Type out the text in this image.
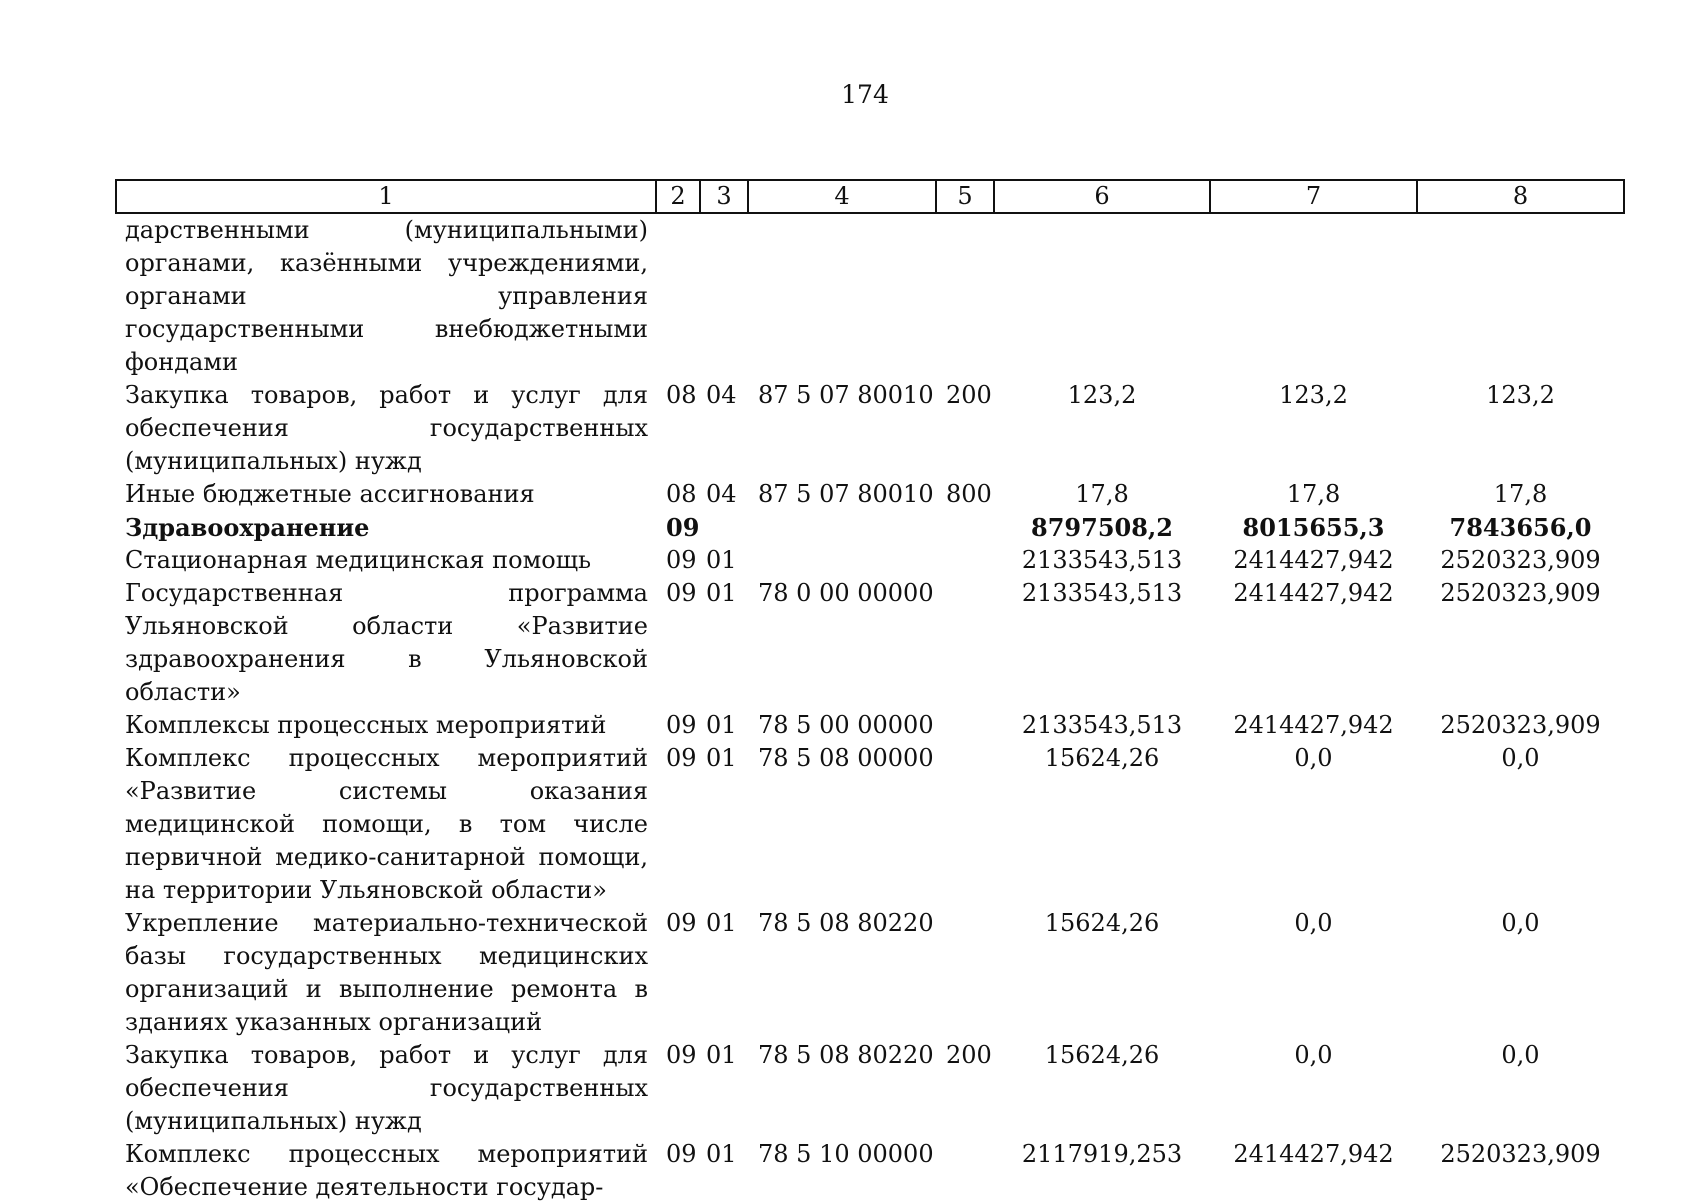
174
1	2	3	4	5	6	7	8
дарственными (муниципальными) органами, казёнными учреждениями, органами управления государственными внебюджетными фондами							
Закупка товаров, работ и услуг для обеспечения государственных (муниципальных) нужд	08	04	87 5 07 80010	200	123,2	123,2	123,2
Иные бюджетные ассигнования	08	04	87 5 07 80010	800	17,8	17,8	17,8
Здравоохранение	09				8797508,2	8015655,3	7843656,0
Стационарная медицинская помощь	09	01			2133543,513	2414427,942	2520323,909
Государственная программа Ульяновской области «Развитие здравоохранения в Ульяновской области»	09	01	78 0 00 00000		2133543,513	2414427,942	2520323,909
Комплексы процессных мероприятий	09	01	78 5 00 00000		2133543,513	2414427,942	2520323,909
Комплекс процессных мероприятий «Развитие системы оказания медицинской помощи, в том числе первичной медико-санитарной помощи, на территории Ульяновской области»	09	01	78 5 08 00000		15624,26	0,0	0,0
Укрепление материально-технической базы государственных медицинских организаций и выполнение ремонта в зданиях указанных организаций	09	01	78 5 08 80220		15624,26	0,0	0,0
Закупка товаров, работ и услуг для обеспечения государственных (муниципальных) нужд	09	01	78 5 08 80220	200	15624,26	0,0	0,0
Комплекс процессных мероприятий «Обеспечение деятельности государ-	09	01	78 5 10 00000		2117919,253	2414427,942	2520323,909
